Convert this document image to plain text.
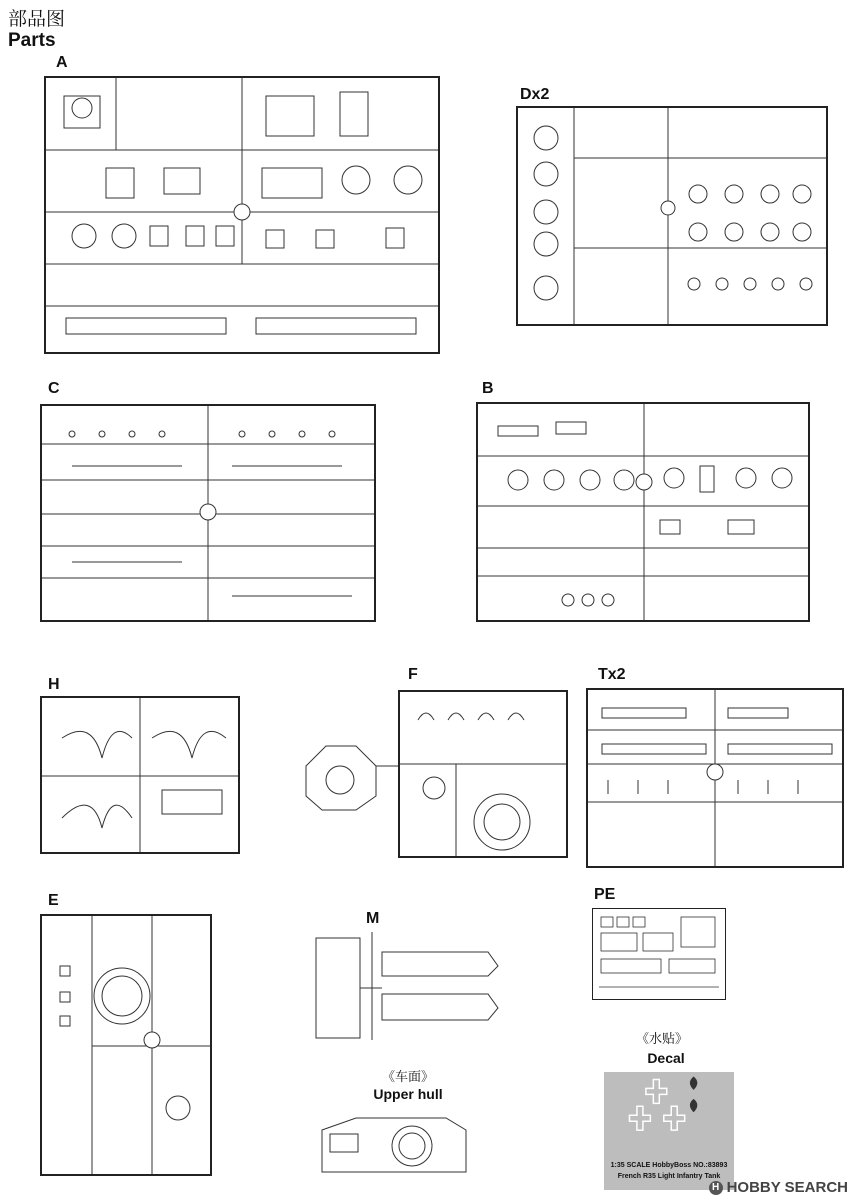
部品图
Parts
A
Dx2
C	B
H
F	Tx2
E
M
《车面》
Upper hull
PE
《水贴》
Decal
1:35 SCALE HobbyBoss NO.:83893
French R35 Light Infantry Tank
H HOBBY SEARCH
